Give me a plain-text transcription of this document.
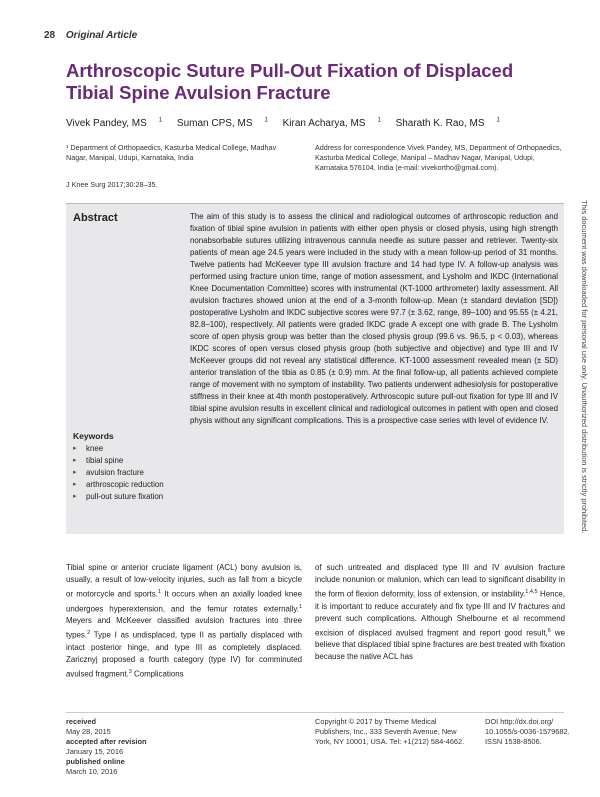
28 Original Article
Arthroscopic Suture Pull-Out Fixation of Displaced Tibial Spine Avulsion Fracture
Vivek Pandey, MS $^1$ Suman CPS, MS $^1$ Kiran Acharya, MS $^1$ Sharath K. Rao, MS $^1$
¹ Department of Orthopaedics, Kasturba Medical College, Madhav Nagar, Manipal, Udupi, Karnataka, India
J Knee Surg 2017;30:28–35.
Address for correspondence Vivek Pandey, MS, Department of Orthopaedics, Kasturba Medical College, Manipal – Madhav Nagar, Manipal, Udupi, Karnataka 576104, India (e-mail: vivekortho@gmail.com).
Abstract	The aim of this study is to assess the clinical and radiological outcomes of arthroscopic reduction and fixation of tibial spine avulsion in patients with either open physis or closed physis, using high strength nonabsorbable sutures utilizing intravenous cannula needle as suture passer and retriever. Twenty-six patients of mean age 24.5 years were included in the study with a mean follow-up period of 31 months. Twelve patients had McKeever type III avulsion fracture and 14 had type IV. A follow-up analysis was performed using fracture union time, range of motion assessment, and Lysholm and IKDC (International Knee Documentation Committee) scores with instrumental (KT-1000 arthrometer) laxity assessment. All avulsion fractures showed union at the end of a 3-month follow-up. Mean (± standard deviation [SD]) postoperative Lysholm and IKDC subjective scores were 97.7 (± 3.62, range, 89–100) and 95.55 (± 4.21, 82.8–100), respectively. All patients were graded IKDC grade A except one with grade B. The Lysholm score of open physis group was better than the closed physis group (99.6 vs. 96.5, p < 0.03), whereas IKDC scores of open versus closed physis group (both subjective and objective) and type III and IV McKeever groups did not reveal any statistical difference. KT-1000 assessment revealed mean (± SD) anterior translation of the tibia as 0.85 (± 0.9) mm. At the final follow-up, all patients achieved complete range of movement with no symptom of instability. Two patients underwent adhesiolysis for postoperative stiffness in their knee at 4th month postoperatively. Arthroscopic suture pull-out fixation for type III and IV tibial spine avulsion results in excellent clinical and radiological outcomes in patient with open and closed physis without any significant complications. This is a prospective case series with level of evidence IV.

Keywords
▸ knee
▸ tibial spine
▸ avulsion fracture
▸ arthroscopic reduction
▸ pull-out suture fixation	This document was downloaded for personal use only. Unauthorized distribution is strictly prohibited.

Tibial spine or anterior cruciate ligament (ACL) bony avulsion is, usually, a result of low-velocity injuries, such as fall from a bicycle or motorcycle and sports.$^1$ It occurs when an axially loaded knee undergoes hyperextension, and the femur rotates externally.$^1$ Meyers and McKeever classified avulsion fractures into three types.$^2$ Type I as undisplaced, type II as partially displaced with intact posterior hinge, and type III as completely displaced. Zaricznyj proposed a fourth category (type IV) for comminuted avulsed fragment.$^3$ Complications

of such untreated and displaced type III and IV avulsion fracture include nonunion or malunion, which can lead to significant disability in the form of flexion deformity, loss of extension, or instability.$^{1,4,5}$ Hence, it is important to reduce accurately and fix type III and IV fractures and prevent such complications. Although Shelbourne et al recommend excision of displaced avulsed fragment and report good result,$^6$ we believe that displaced tibial spine fractures are best treated with fixation because the native ACL has

received
May 28, 2015
accepted after revision
January 15, 2016
published online
March 10, 2016
Copyright © 2017 by Thieme Medical Publishers, Inc., 333 Seventh Avenue, New York, NY 10001, USA. Tel: +1(212) 584-4662.
DOI http://dx.doi.org/ 10.1055/s-0036-1579682. ISSN 1538-8506.
